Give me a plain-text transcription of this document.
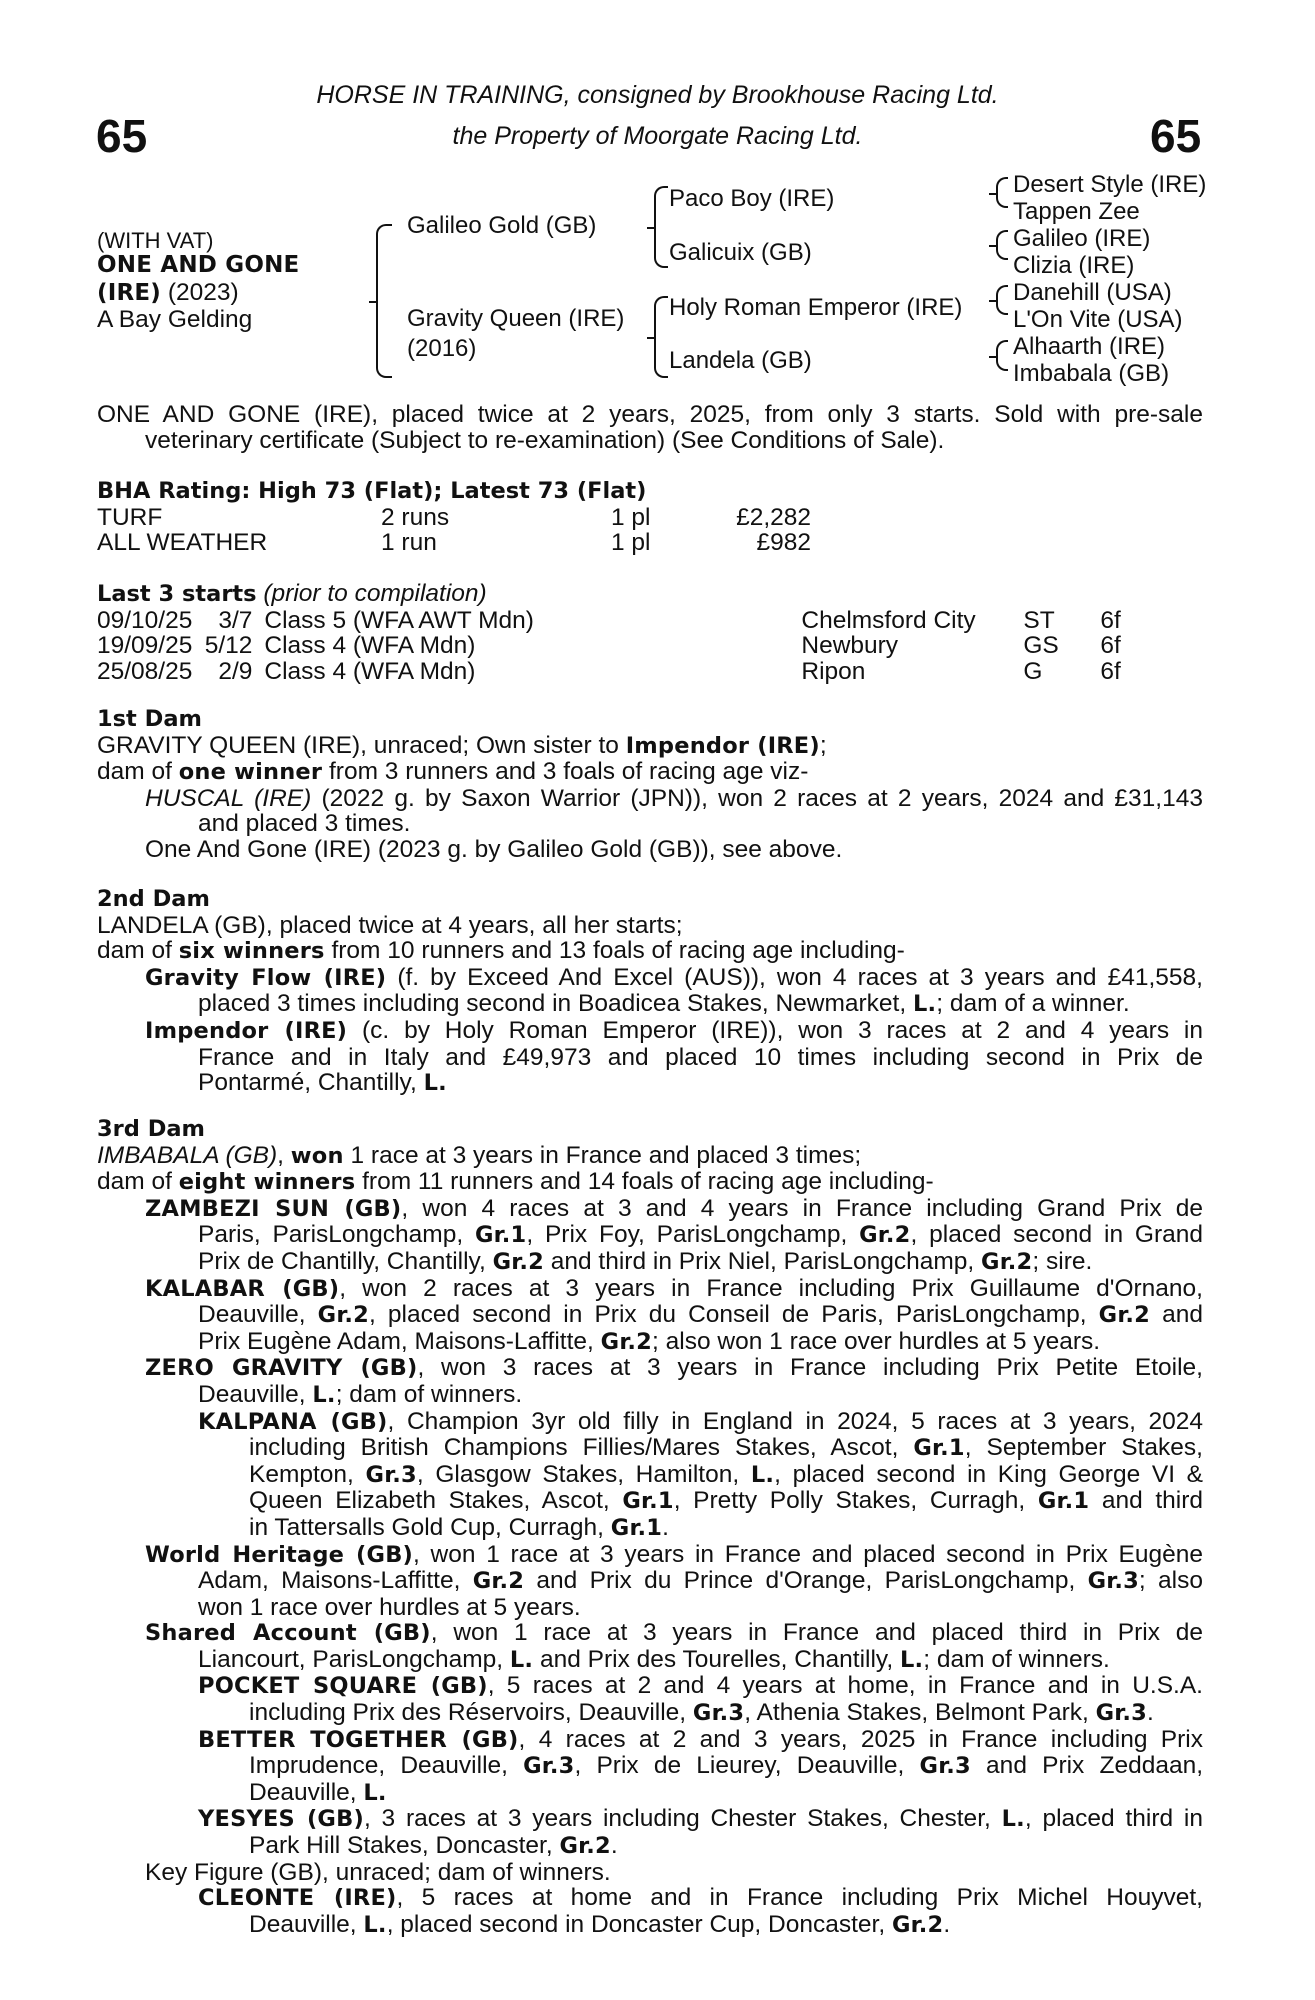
65	65
HORSE IN TRAINING, consigned by Brookhouse Racing Ltd.
the Property of Moorgate Racing Ltd.
(WITH VAT)
ONE AND GONE
(IRE) (2023)
A Bay Gelding
Galileo Gold (GB)
Gravity Queen (IRE)
(2016)
Paco Boy (IRE)
Galicuix (GB)
Holy Roman Emperor (IRE)
Landela (GB)
Desert Style (IRE)
Tappen Zee
Galileo (IRE)
Clizia (IRE)
Danehill (USA)
L'On Vite (USA)
Alhaarth (IRE)
Imbabala (GB)
ONE AND GONE (IRE), placed twice at 2 years, 2025, from only 3 starts. Sold with pre-sale
veterinary certificate (Subject to re-examination) (See Conditions of Sale).
BHA Rating: High 73 (Flat); Latest 73 (Flat)
TURF	2 runs	1 pl	£2,282
ALL WEATHER	1 run	1 pl	£982
Last 3 starts (prior to compilation)
09/10/25	3/7	Class 5 (WFA AWT Mdn)	Chelmsford City	ST	6f
19/09/25	5/12	Class 4 (WFA Mdn)	Newbury	GS	6f
25/08/25	2/9	Class 4 (WFA Mdn)	Ripon	G	6f
1st Dam
GRAVITY QUEEN (IRE), unraced; Own sister to Impendor (IRE);
dam of one winner from 3 runners and 3 foals of racing age viz-
HUSCAL (IRE) (2022 g. by Saxon Warrior (JPN)), won 2 races at 2 years, 2024 and £31,143
and placed 3 times.
One And Gone (IRE) (2023 g. by Galileo Gold (GB)), see above.
2nd Dam
LANDELA (GB), placed twice at 4 years, all her starts;
dam of six winners from 10 runners and 13 foals of racing age including-
Gravity Flow (IRE) (f. by Exceed And Excel (AUS)), won 4 races at 3 years and £41,558,
placed 3 times including second in Boadicea Stakes, Newmarket, L.; dam of a winner.
Impendor (IRE) (c. by Holy Roman Emperor (IRE)), won 3 races at 2 and 4 years in
France and in Italy and £49,973 and placed 10 times including second in Prix de
Pontarmé, Chantilly, L.
3rd Dam
IMBABALA (GB), won 1 race at 3 years in France and placed 3 times;
dam of eight winners from 11 runners and 14 foals of racing age including-
ZAMBEZI SUN (GB), won 4 races at 3 and 4 years in France including Grand Prix de
Paris, ParisLongchamp, Gr.1, Prix Foy, ParisLongchamp, Gr.2, placed second in Grand
Prix de Chantilly, Chantilly, Gr.2 and third in Prix Niel, ParisLongchamp, Gr.2; sire.
KALABAR (GB), won 2 races at 3 years in France including Prix Guillaume d'Ornano,
Deauville, Gr.2, placed second in Prix du Conseil de Paris, ParisLongchamp, Gr.2 and
Prix Eugène Adam, Maisons-Laffitte, Gr.2; also won 1 race over hurdles at 5 years.
ZERO GRAVITY (GB), won 3 races at 3 years in France including Prix Petite Etoile,
Deauville, L.; dam of winners.
KALPANA (GB), Champion 3yr old filly in England in 2024, 5 races at 3 years, 2024
including British Champions Fillies/Mares Stakes, Ascot, Gr.1, September Stakes,
Kempton, Gr.3, Glasgow Stakes, Hamilton, L., placed second in King George VI &
Queen Elizabeth Stakes, Ascot, Gr.1, Pretty Polly Stakes, Curragh, Gr.1 and third
in Tattersalls Gold Cup, Curragh, Gr.1.
World Heritage (GB), won 1 race at 3 years in France and placed second in Prix Eugène
Adam, Maisons-Laffitte, Gr.2 and Prix du Prince d'Orange, ParisLongchamp, Gr.3; also
won 1 race over hurdles at 5 years.
Shared Account (GB), won 1 race at 3 years in France and placed third in Prix de
Liancourt, ParisLongchamp, L. and Prix des Tourelles, Chantilly, L.; dam of winners.
POCKET SQUARE (GB), 5 races at 2 and 4 years at home, in France and in U.S.A.
including Prix des Réservoirs, Deauville, Gr.3, Athenia Stakes, Belmont Park, Gr.3.
BETTER TOGETHER (GB), 4 races at 2 and 3 years, 2025 in France including Prix
Imprudence, Deauville, Gr.3, Prix de Lieurey, Deauville, Gr.3 and Prix Zeddaan,
Deauville, L.
YESYES (GB), 3 races at 3 years including Chester Stakes, Chester, L., placed third in
Park Hill Stakes, Doncaster, Gr.2.
Key Figure (GB), unraced; dam of winners.
CLEONTE (IRE), 5 races at home and in France including Prix Michel Houyvet,
Deauville, L., placed second in Doncaster Cup, Doncaster, Gr.2.
